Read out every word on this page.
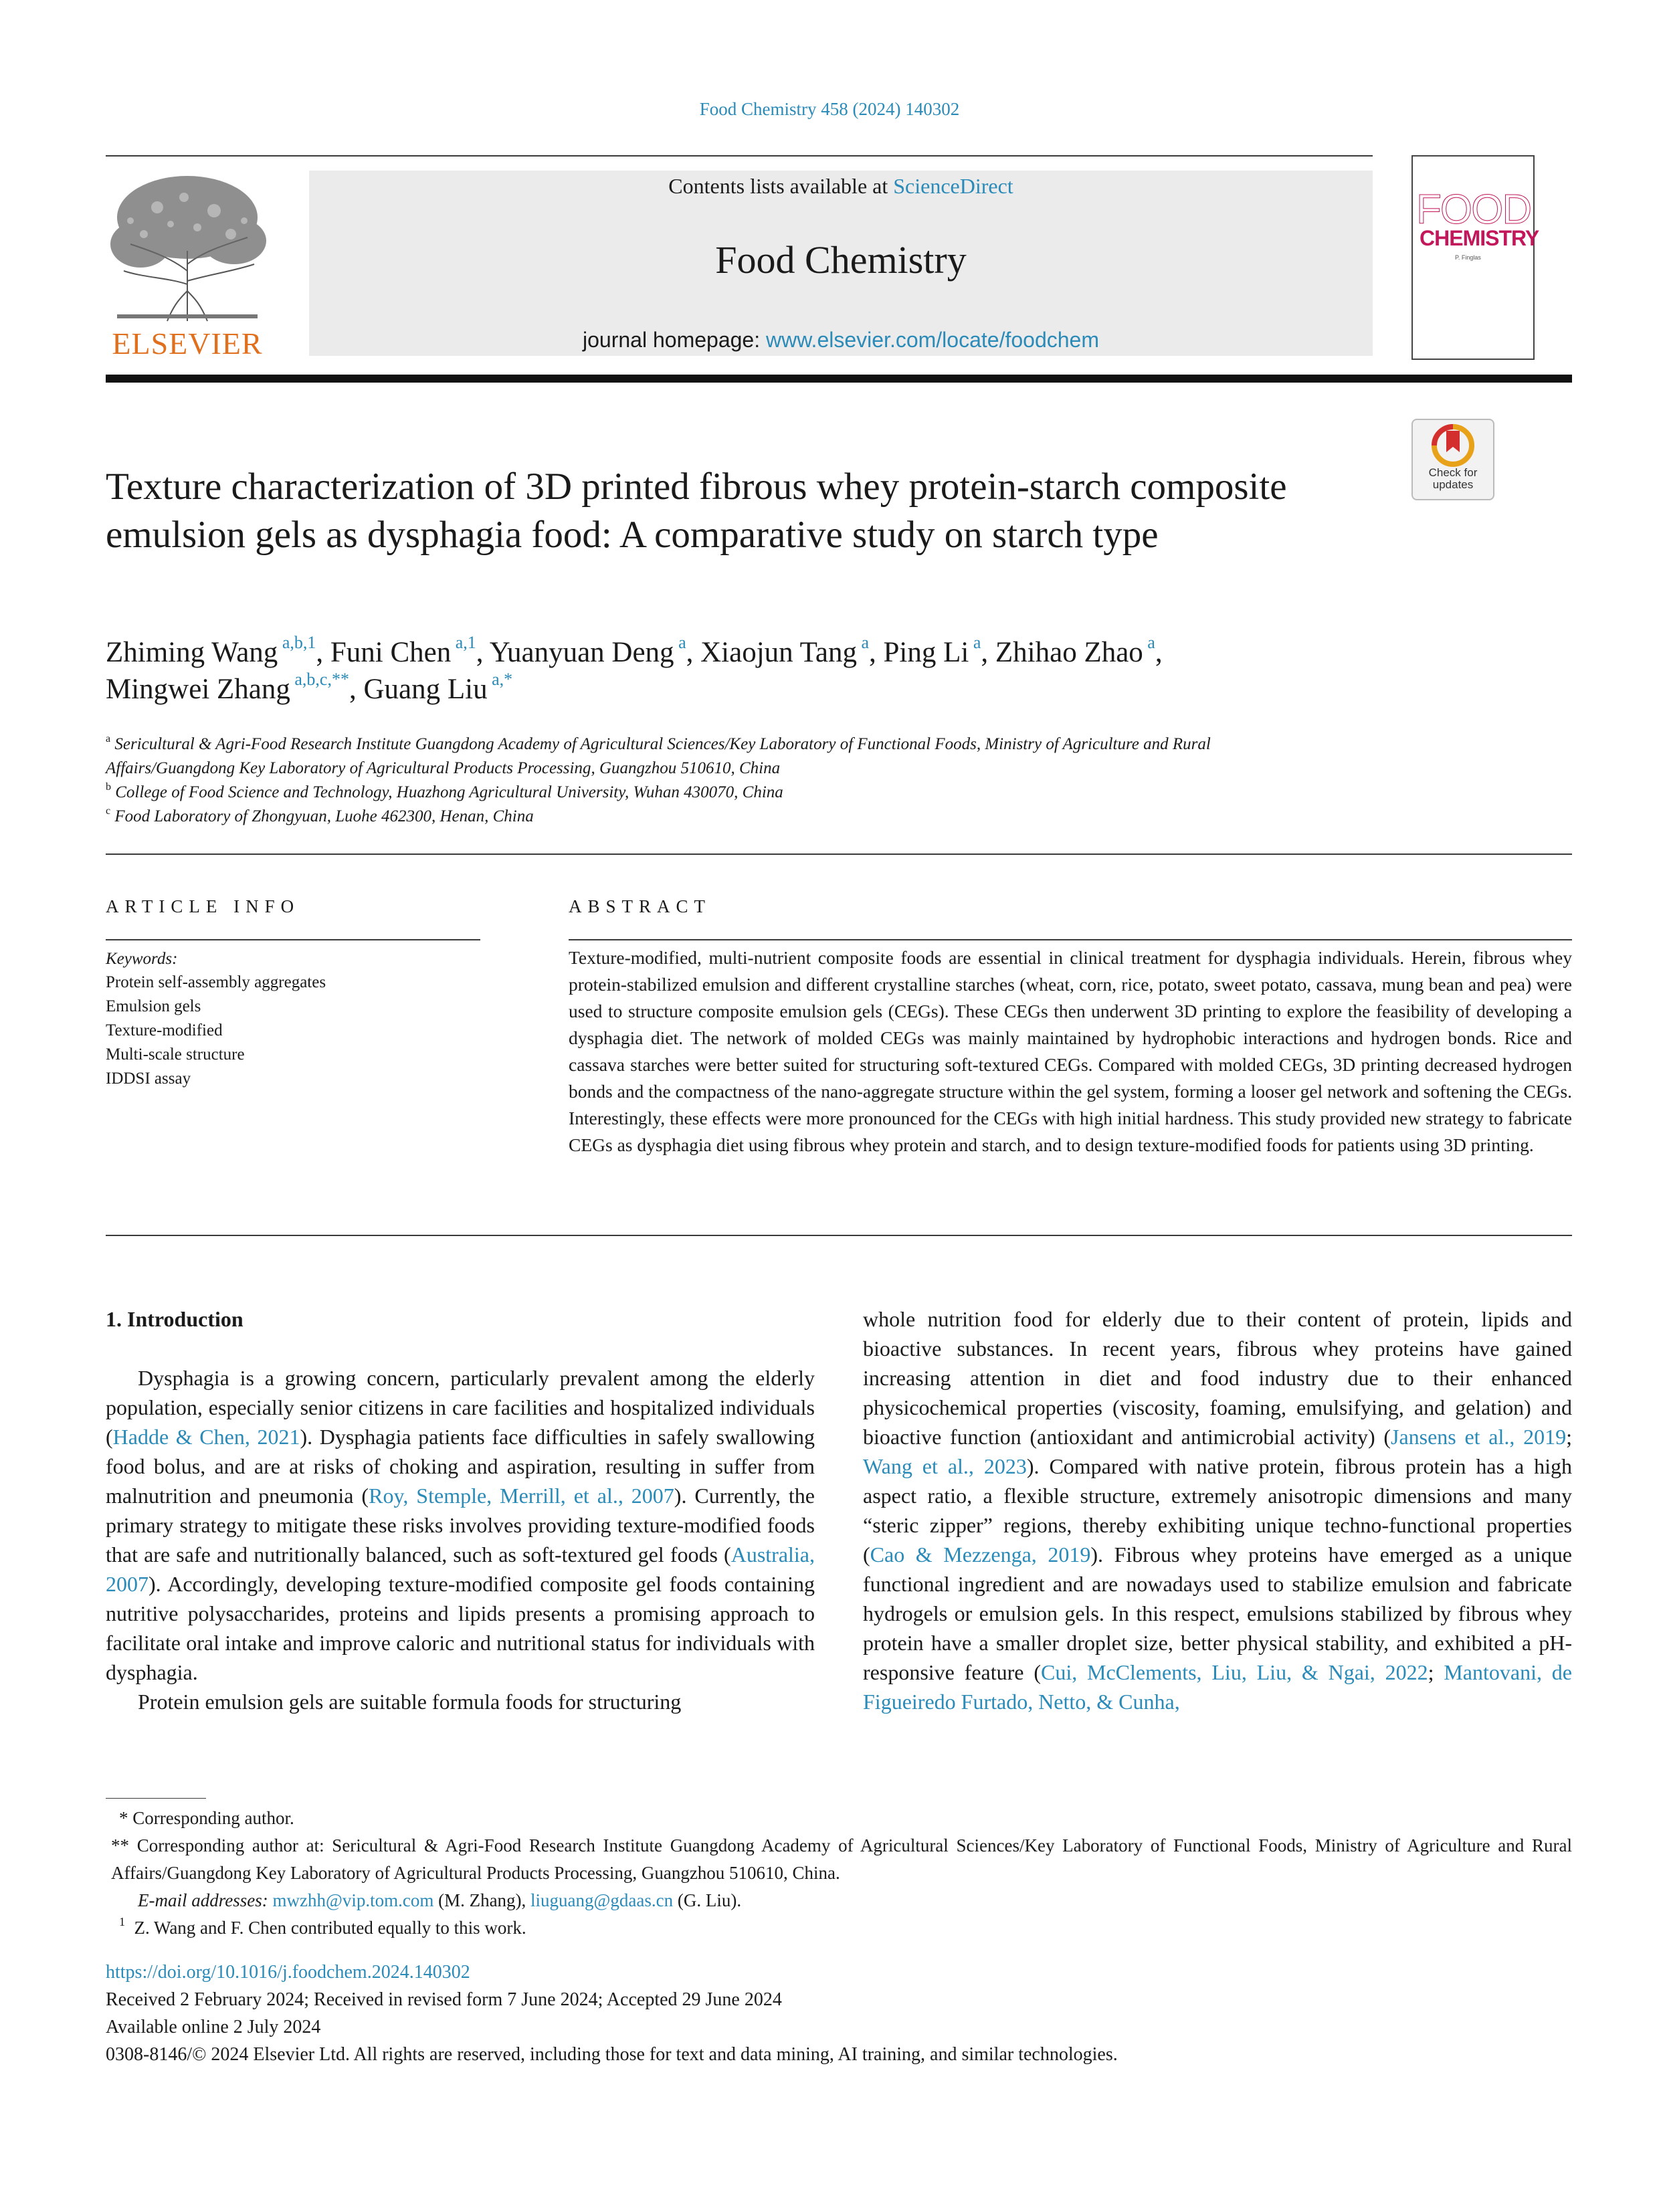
Food Chemistry 458 (2024) 140302
ELSEVIER
Contents lists available at ScienceDirect
Food Chemistry
journal homepage: www.elsevier.com/locate/foodchem
FOOD
CHEMISTRY
P. Finglas
Check for updates
Texture characterization of 3D printed fibrous whey protein-starch composite emulsion gels as dysphagia food: A comparative study on starch type
Zhiming Wang $^{a,b,1}$, Funi Chen $^{a,1}$, Yuanyuan Deng $^a$, Xiaojun Tang $^a$, Ping Li $^a$, Zhihao Zhao $^a$,
Mingwei Zhang $^{a,b,c,**}$, Guang Liu $^{a,*}$
$^a$ Sericultural & Agri-Food Research Institute Guangdong Academy of Agricultural Sciences/Key Laboratory of Functional Foods, Ministry of Agriculture and Rural
Affairs/Guangdong Key Laboratory of Agricultural Products Processing, Guangzhou 510610, China
$^b$ College of Food Science and Technology, Huazhong Agricultural University, Wuhan 430070, China
$^c$ Food Laboratory of Zhongyuan, Luohe 462300, Henan, China
ARTICLE INFO
Keywords:
Protein self-assembly aggregates
Emulsion gels
Texture-modified
Multi-scale structure
IDDSI assay
ABSTRACT
Texture-modified, multi-nutrient composite foods are essential in clinical treatment for dysphagia individuals. Herein, fibrous whey protein-stabilized emulsion and different crystalline starches (wheat, corn, rice, potato, sweet potato, cassava, mung bean and pea) were used to structure composite emulsion gels (CEGs). These CEGs then underwent 3D printing to explore the feasibility of developing a dysphagia diet. The network of molded CEGs was mainly maintained by hydrophobic interactions and hydrogen bonds. Rice and cassava starches were better suited for structuring soft-textured CEGs. Compared with molded CEGs, 3D printing decreased hydrogen bonds and the compactness of the nano-aggregate structure within the gel system, forming a looser gel network and softening the CEGs. Interestingly, these effects were more pronounced for the CEGs with high initial hardness. This study provided new strategy to fabricate CEGs as dysphagia diet using fibrous whey protein and starch, and to design texture-modified foods for patients using 3D printing.

1. Introduction

Dysphagia is a growing concern, particularly prevalent among the elderly population, especially senior citizens in care facilities and hospitalized individuals (Hadde & Chen, 2021). Dysphagia patients face difficulties in safely swallowing food bolus, and are at risks of choking and aspiration, resulting in suffer from malnutrition and pneumonia (Roy, Stemple, Merrill, et al., 2007). Currently, the primary strategy to mitigate these risks involves providing texture-modified foods that are safe and nutritionally balanced, such as soft-textured gel foods (Australia, 2007). Accordingly, developing texture-modified composite gel foods containing nutritive polysaccharides, proteins and lipids presents a promising approach to facilitate oral intake and improve caloric and nutritional status for individuals with dysphagia.

Protein emulsion gels are suitable formula foods for structuring

whole nutrition food for elderly due to their content of protein, lipids and bioactive substances. In recent years, fibrous whey proteins have gained increasing attention in diet and food industry due to their enhanced physicochemical properties (viscosity, foaming, emulsifying, and gelation) and bioactive function (antioxidant and antimicrobial activity) (Jansens et al., 2019; Wang et al., 2023). Compared with native protein, fibrous protein has a high aspect ratio, a flexible structure, extremely anisotropic dimensions and many “steric zipper” regions, thereby exhibiting unique techno-functional properties (Cao & Mezzenga, 2019). Fibrous whey proteins have emerged as a unique functional ingredient and are nowadays used to stabilize emulsion and fabricate hydrogels or emulsion gels. In this respect, emulsions stabilized by fibrous whey protein have a smaller droplet size, better physical stability, and exhibited a pH-responsive feature (Cui, McClements, Liu, Liu, & Ngai, 2022; Mantovani, de Figueiredo Furtado, Netto, & Cunha,

* Corresponding author.
** Corresponding author at: Sericultural & Agri-Food Research Institute Guangdong Academy of Agricultural Sciences/Key Laboratory of Functional Foods, Ministry of Agriculture and Rural Affairs/Guangdong Key Laboratory of Agricultural Products Processing, Guangzhou 510610, China.
E-mail addresses: mwzhh@vip.tom.com (M. Zhang), liuguang@gdaas.cn (G. Liu).
$^1$ Z. Wang and F. Chen contributed equally to this work.
https://doi.org/10.1016/j.foodchem.2024.140302
Received 2 February 2024; Received in revised form 7 June 2024; Accepted 29 June 2024
Available online 2 July 2024
0308-8146/© 2024 Elsevier Ltd. All rights are reserved, including those for text and data mining, AI training, and similar technologies.
